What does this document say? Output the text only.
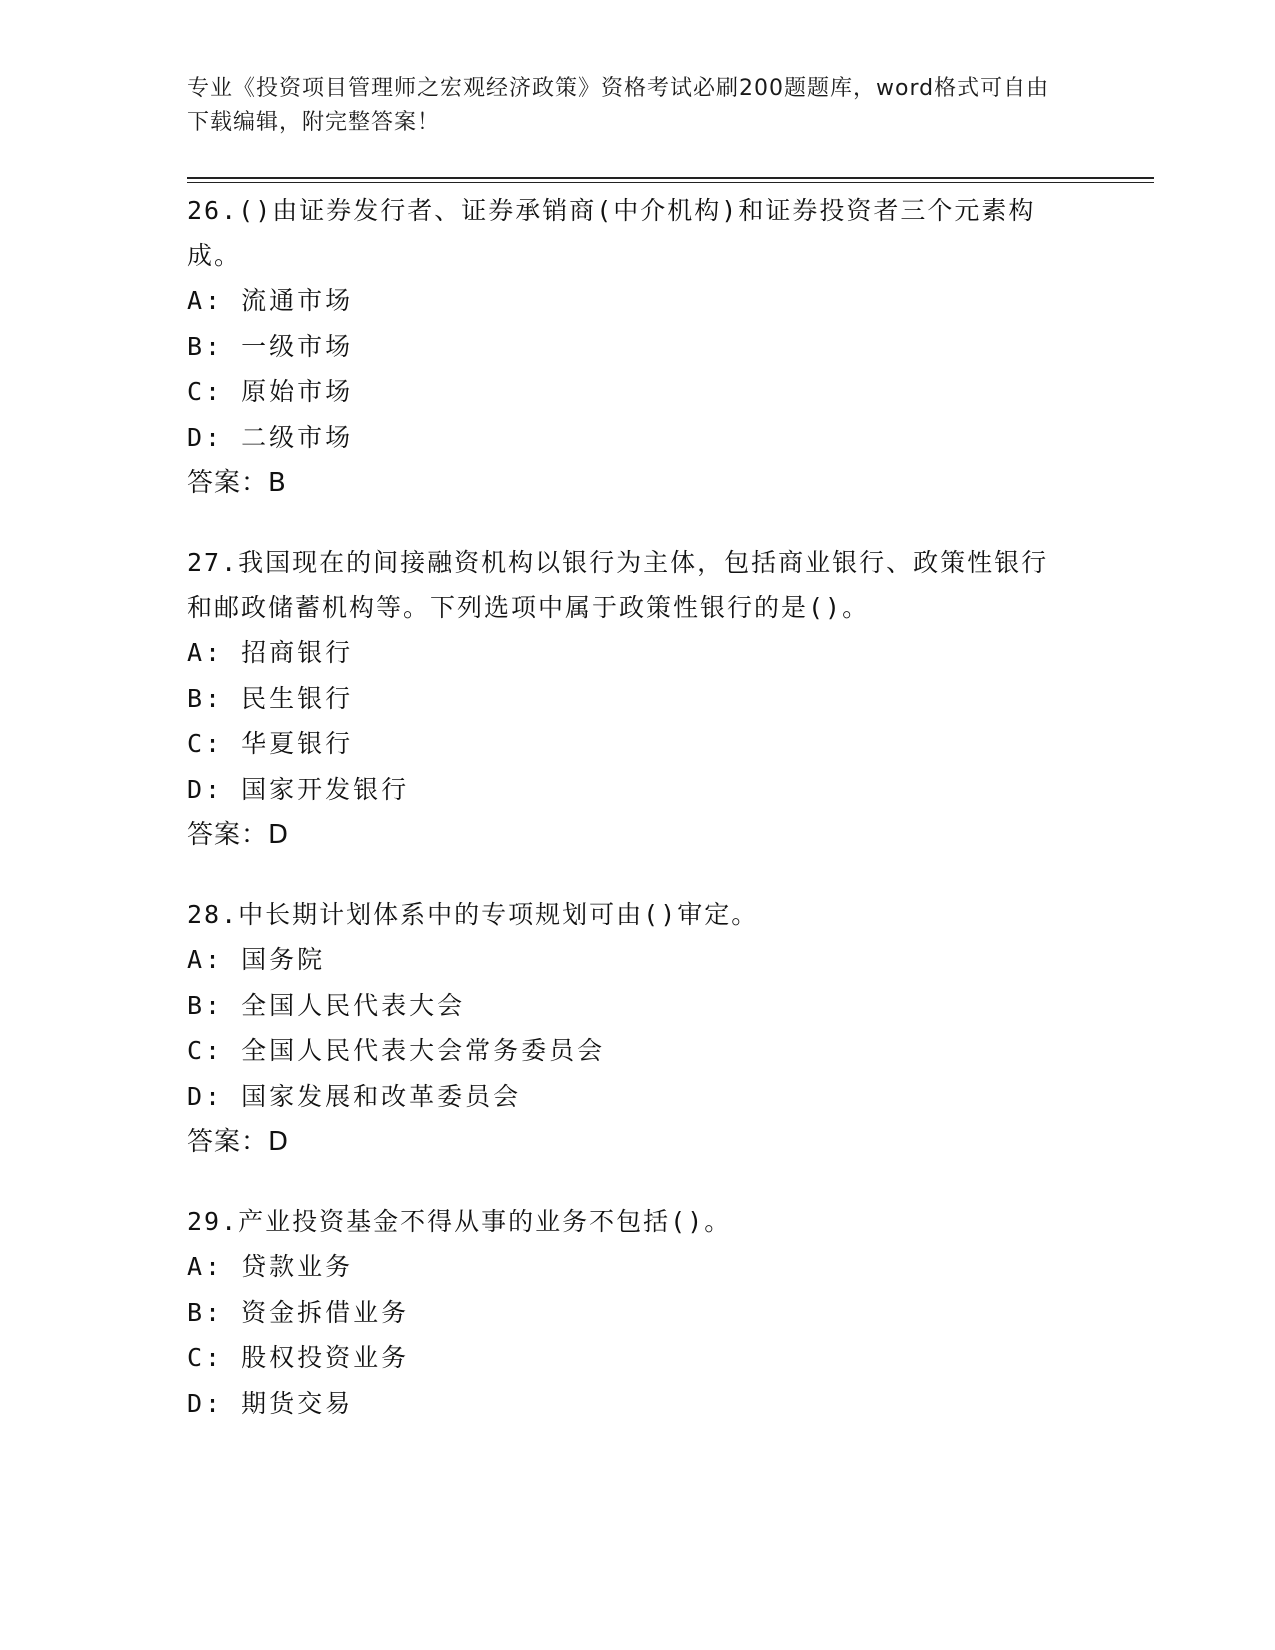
专业《投资项目管理师之宏观经济政策》资格考试必刷200题题库，word格式可自由下载编辑，附完整答案！

26.()由证券发行者、证券承销商(中介机构)和证券投资者三个元素构成。

A: 流通市场

B: 一级市场

C: 原始市场

D: 二级市场

答案：B

27.我国现在的间接融资机构以银行为主体，包括商业银行、政策性银行和邮政储蓄机构等。下列选项中属于政策性银行的是()。

A: 招商银行

B: 民生银行

C: 华夏银行

D: 国家开发银行

答案：D

28.中长期计划体系中的专项规划可由()审定。

A: 国务院

B: 全国人民代表大会

C: 全国人民代表大会常务委员会

D: 国家发展和改革委员会

答案：D

29.产业投资基金不得从事的业务不包括()。

A: 贷款业务

B: 资金拆借业务

C: 股权投资业务

D: 期货交易
